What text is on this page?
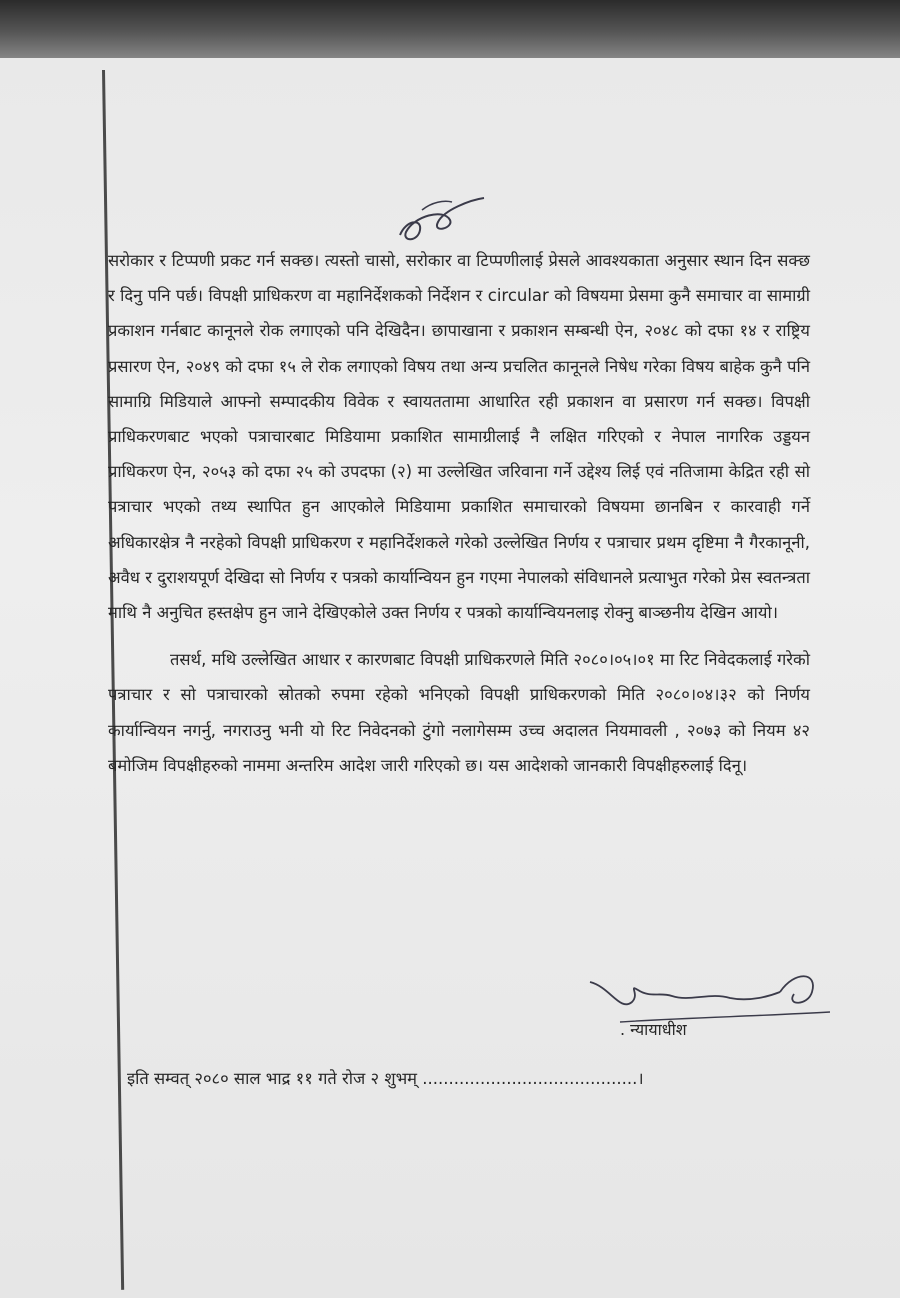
सरोकार र टिप्पणी प्रकट गर्न सक्छ। त्यस्तो चासो, सरोकार वा टिप्पणीलाई प्रेसले आवश्यकाता अनुसार स्थान दिन सक्छ र दिनु पनि पर्छ। विपक्षी प्राधिकरण वा महानिर्देशकको निर्देशन र circular को विषयमा प्रेसमा कुनै समाचार वा सामाग्री प्रकाशन गर्नबाट कानूनले रोक लगाएको पनि देखिदैन। छापाखाना र प्रकाशन सम्बन्धी ऐन, २०४८ को दफा १४ र राष्ट्रिय प्रसारण ऐन, २०४९ को दफा १५ ले रोक लगाएको विषय तथा अन्य प्रचलित कानूनले निषेध गरेका विषय बाहेक कुनै पनि सामाग्रि मिडियाले आफ्नो सम्पादकीय विवेक र स्वायततामा आधारित रही प्रकाशन वा प्रसारण गर्न सक्छ। विपक्षी प्राधिकरणबाट भएको पत्राचारबाट मिडियामा प्रकाशित सामाग्रीलाई नै लक्षित गरिएको र नेपाल नागरिक उड्डयन प्राधिकरण ऐन, २०५३ को दफा २५ को उपदफा (२) मा उल्लेखित जरिवाना गर्ने उद्देश्य लिई एवं नतिजामा केद्रित रही सो पत्राचार भएको तथ्य स्थापित हुन आएकोले मिडियामा प्रकाशित समाचारको विषयमा छानबिन र कारवाही गर्ने अधिकारक्षेत्र नै नरहेको विपक्षी प्राधिकरण र महानिर्देशकले गरेको उल्लेखित निर्णय र पत्राचार प्रथम दृष्टिमा नै गैरकानूनी, अवैध र दुराशयपूर्ण देखिदा सो निर्णय र पत्रको कार्यान्वियन हुन गएमा नेपालको संविधानले प्रत्याभुत गरेको प्रेस स्वतन्त्रता माथि नै अनुचित हस्तक्षेप हुन जाने देखिएकोले उक्त निर्णय र पत्रको कार्यान्वियनलाइ रोक्नु बाञ्छनीय देखिन आयो।

तसर्थ, मथि उल्लेखित आधार र कारणबाट विपक्षी प्राधिकरणले मिति २०८०।०५।०१ मा रिट निवेदकलाई गरेको पत्राचार र सो पत्राचारको स्रोतको रुपमा रहेको भनिएको विपक्षी प्राधिकरणको मिति २०८०।०४।३२ को निर्णय कार्यान्वियन नगर्नु, नगराउनु भनी यो रिट निवेदनको टुंगो नलागेसम्म उच्च अदालत नियमावली , २०७३ को नियम ४२ बमोजिम विपक्षीहरुको नाममा अन्तरिम आदेश जारी गरिएको छ। यस आदेशको जानकारी विपक्षीहरुलाई दिनू।

. न्यायाधीश
इति सम्वत् २०८० साल भाद्र ११ गते रोज २ शुभम् .........................................।
